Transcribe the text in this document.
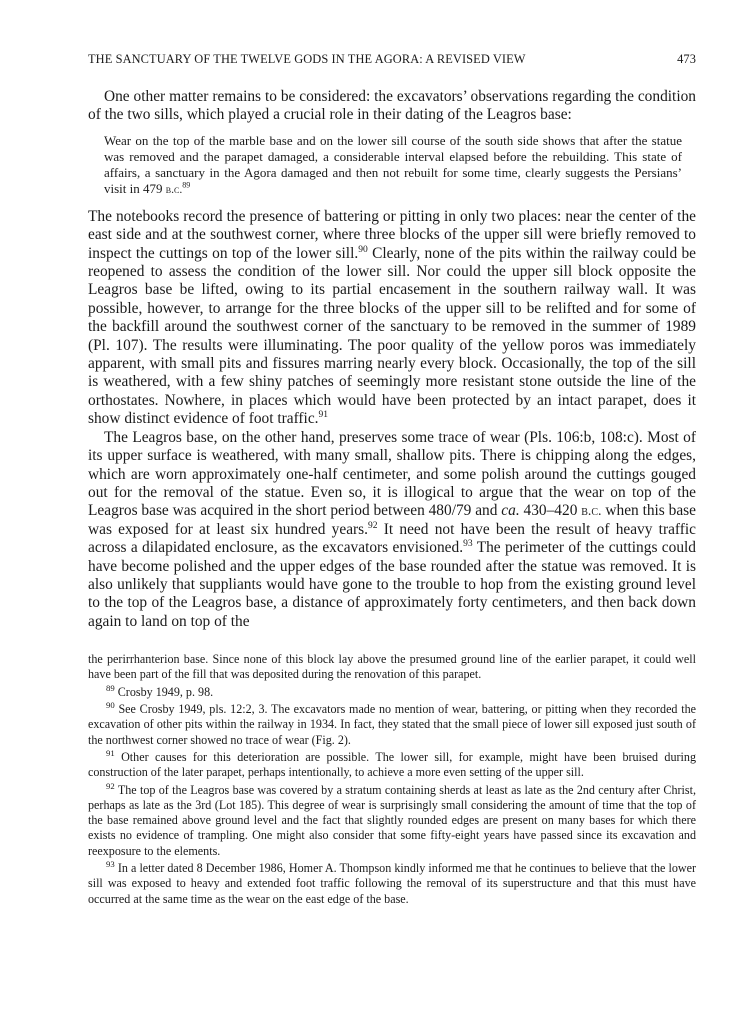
THE SANCTUARY OF THE TWELVE GODS IN THE AGORA: A REVISED VIEW	473

One other matter remains to be considered: the excavators’ observations regarding the condition of the two sills, which played a crucial role in their dating of the Leagros base:

Wear on the top of the marble base and on the lower sill course of the south side shows that after the statue was removed and the parapet damaged, a considerable interval elapsed before the rebuilding. This state of affairs, a sanctuary in the Agora damaged and then not rebuilt for some time, clearly suggests the Persians’ visit in 479 b.c.$^{89}$

The notebooks record the presence of battering or pitting in only two places: near the center of the east side and at the southwest corner, where three blocks of the upper sill were briefly removed to inspect the cuttings on top of the lower sill.$^{90}$ Clearly, none of the pits within the railway could be reopened to assess the condition of the lower sill. Nor could the upper sill block opposite the Leagros base be lifted, owing to its partial encasement in the southern railway wall. It was possible, however, to arrange for the three blocks of the upper sill to be relifted and for some of the backfill around the southwest corner of the sanctuary to be removed in the summer of 1989 (Pl. 107). The results were illuminating. The poor quality of the yellow poros was immediately apparent, with small pits and fissures marring nearly every block. Occasionally, the top of the sill is weathered, with a few shiny patches of seemingly more resistant stone outside the line of the orthostates. Nowhere, in places which would have been protected by an intact parapet, does it show distinct evidence of foot traffic.$^{91}$

The Leagros base, on the other hand, preserves some trace of wear (Pls. 106:b, 108:c). Most of its upper surface is weathered, with many small, shallow pits. There is chipping along the edges, which are worn approximately one-half centimeter, and some polish around the cuttings gouged out for the removal of the statue. Even so, it is illogical to argue that the wear on top of the Leagros base was acquired in the short period between 480/79 and ca. 430–420 b.c. when this base was exposed for at least six hundred years.$^{92}$ It need not have been the result of heavy traffic across a dilapidated enclosure, as the excavators envisioned.$^{93}$ The perimeter of the cuttings could have become polished and the upper edges of the base rounded after the statue was removed. It is also unlikely that suppliants would have gone to the trouble to hop from the existing ground level to the top of the Leagros base, a distance of approximately forty centimeters, and then back down again to land on top of the

the perirrhanterion base. Since none of this block lay above the presumed ground line of the earlier parapet, it could well have been part of the fill that was deposited during the renovation of this parapet.

$^{89}$ Crosby 1949, p. 98.

$^{90}$ See Crosby 1949, pls. 12:2, 3. The excavators made no mention of wear, battering, or pitting when they recorded the excavation of other pits within the railway in 1934. In fact, they stated that the small piece of lower sill exposed just south of the northwest corner showed no trace of wear (Fig. 2).

$^{91}$ Other causes for this deterioration are possible. The lower sill, for example, might have been bruised during construction of the later parapet, perhaps intentionally, to achieve a more even setting of the upper sill.

$^{92}$ The top of the Leagros base was covered by a stratum containing sherds at least as late as the 2nd century after Christ, perhaps as late as the 3rd (Lot 185). This degree of wear is surprisingly small considering the amount of time that the top of the base remained above ground level and the fact that slightly rounded edges are present on many bases for which there exists no evidence of trampling. One might also consider that some fifty-eight years have passed since its excavation and reexposure to the elements.

$^{93}$ In a letter dated 8 December 1986, Homer A. Thompson kindly informed me that he continues to believe that the lower sill was exposed to heavy and extended foot traffic following the removal of its superstructure and that this must have occurred at the same time as the wear on the east edge of the base.
